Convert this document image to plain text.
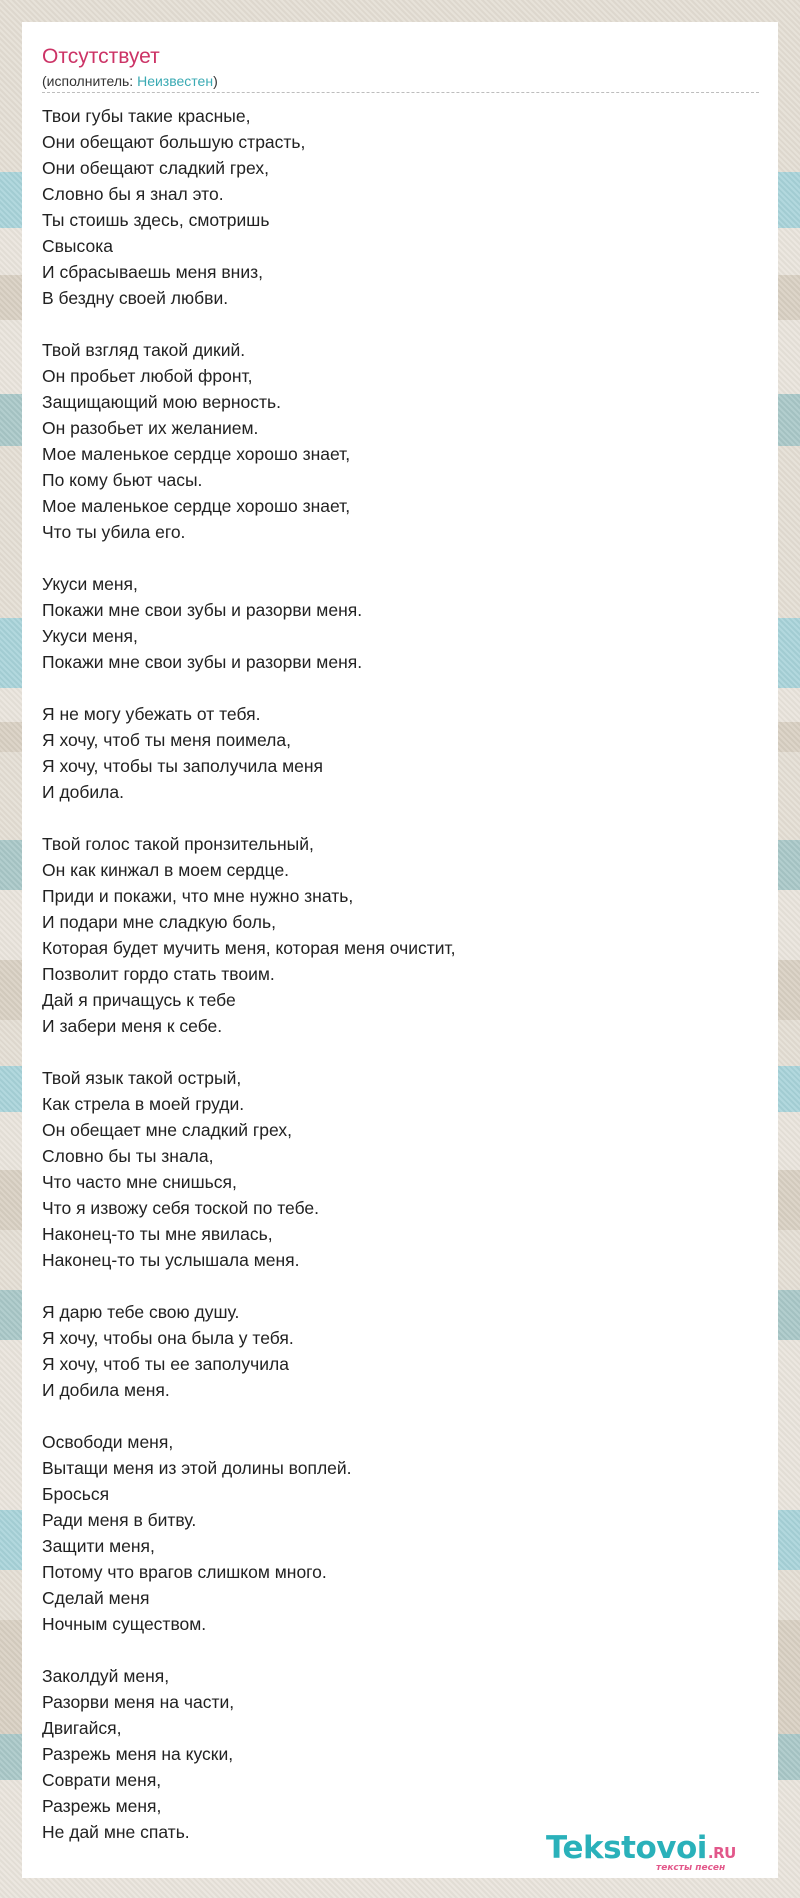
Отсутствует
(исполнитель: Неизвестен)
Твои губы такие красные,
Они обещают большую страсть,
Они обещают сладкий грех,
Словно бы я знал это.
Ты стоишь здесь, смотришь
Свысока
И сбрасываешь меня вниз,
В бездну своей любви.
Твой взгляд такой дикий.
Он пробьет любой фронт,
Защищающий мою верность.
Он разобьет их желанием.
Мое маленькое сердце хорошо знает,
По кому бьют часы.
Мое маленькое сердце хорошо знает,
Что ты убила его.
Укуси меня,
Покажи мне свои зубы и разорви меня.
Укуси меня,
Покажи мне свои зубы и разорви меня.
Я не могу убежать от тебя.
Я хочу, чтоб ты меня поимела,
Я хочу, чтобы ты заполучила меня
И добила.
Твой голос такой пронзительный,
Он как кинжал в моем сердце.
Приди и покажи, что мне нужно знать,
И подари мне сладкую боль,
Которая будет мучить меня, которая меня очистит,
Позволит гордо стать твоим.
Дай я причащусь к тебе
И забери меня к себе.
Твой язык такой острый,
Как стрела в моей груди.
Он обещает мне сладкий грех,
Словно бы ты знала,
Что часто мне снишься,
Что я извожу себя тоской по тебе.
Наконец-то ты мне явилась,
Наконец-то ты услышала меня.
Я дарю тебе свою душу.
Я хочу, чтобы она была у тебя.
Я хочу, чтоб ты ее заполучила
И добила меня.
Освободи меня,
Вытащи меня из этой долины воплей.
Бросься
Ради меня в битву.
Защити меня,
Потому что врагов слишком много.
Сделай меня
Ночным существом.
Заколдуй меня,
Разорви меня на части,
Двигайся,
Разрежь меня на куски,
Соврати меня,
Разрежь меня,
Не дай мне спать.	Tekstovoi.RU
тексты песен
